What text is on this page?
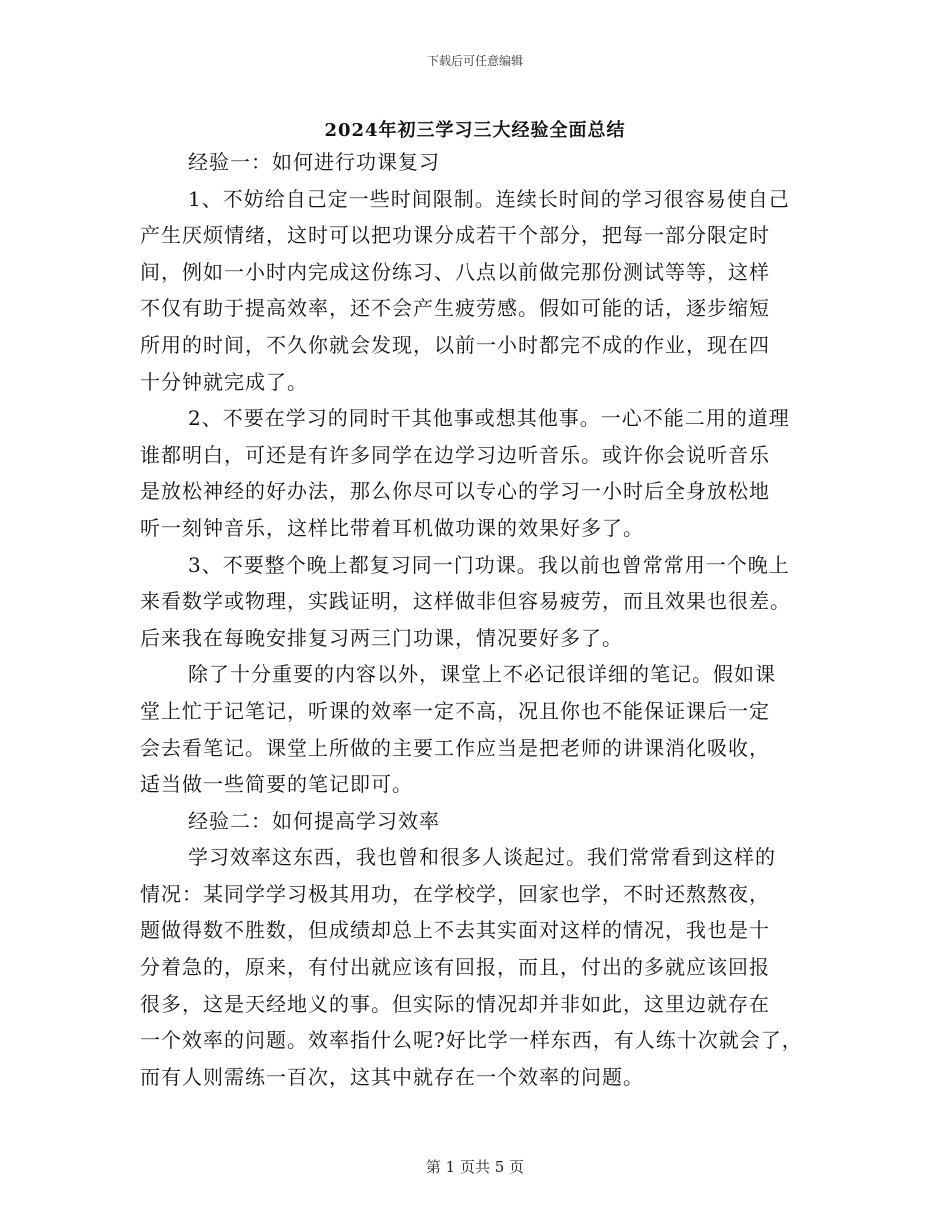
下载后可任意编辑
2024年初三学习三大经验全面总结
经验一：如何进行功课复习
1、不妨给自己定一些时间限制。连续长时间的学习很容易使自己
产生厌烦情绪，这时可以把功课分成若干个部分，把每一部分限定时
间，例如一小时内完成这份练习、八点以前做完那份测试等等，这样
不仅有助于提高效率，还不会产生疲劳感。假如可能的话，逐步缩短
所用的时间，不久你就会发现，以前一小时都完不成的作业，现在四
十分钟就完成了。
2、不要在学习的同时干其他事或想其他事。一心不能二用的道理
谁都明白，可还是有许多同学在边学习边听音乐。或许你会说听音乐
是放松神经的好办法，那么你尽可以专心的学习一小时后全身放松地
听一刻钟音乐，这样比带着耳机做功课的效果好多了。
3、不要整个晚上都复习同一门功课。我以前也曾常常用一个晚上
来看数学或物理，实践证明，这样做非但容易疲劳，而且效果也很差。
后来我在每晚安排复习两三门功课，情况要好多了。
除了十分重要的内容以外，课堂上不必记很详细的笔记。假如课
堂上忙于记笔记，听课的效率一定不高，况且你也不能保证课后一定
会去看笔记。课堂上所做的主要工作应当是把老师的讲课消化吸收，
适当做一些简要的笔记即可。
经验二：如何提高学习效率
学习效率这东西，我也曾和很多人谈起过。我们常常看到这样的
情况：某同学学习极其用功，在学校学，回家也学，不时还熬熬夜，
题做得数不胜数，但成绩却总上不去其实面对这样的情况，我也是十
分着急的，原来，有付出就应该有回报，而且，付出的多就应该回报
很多，这是天经地义的事。但实际的情况却并非如此，这里边就存在
一个效率的问题。效率指什么呢?好比学一样东西，有人练十次就会了，
而有人则需练一百次，这其中就存在一个效率的问题。
第 1 页共 5 页
